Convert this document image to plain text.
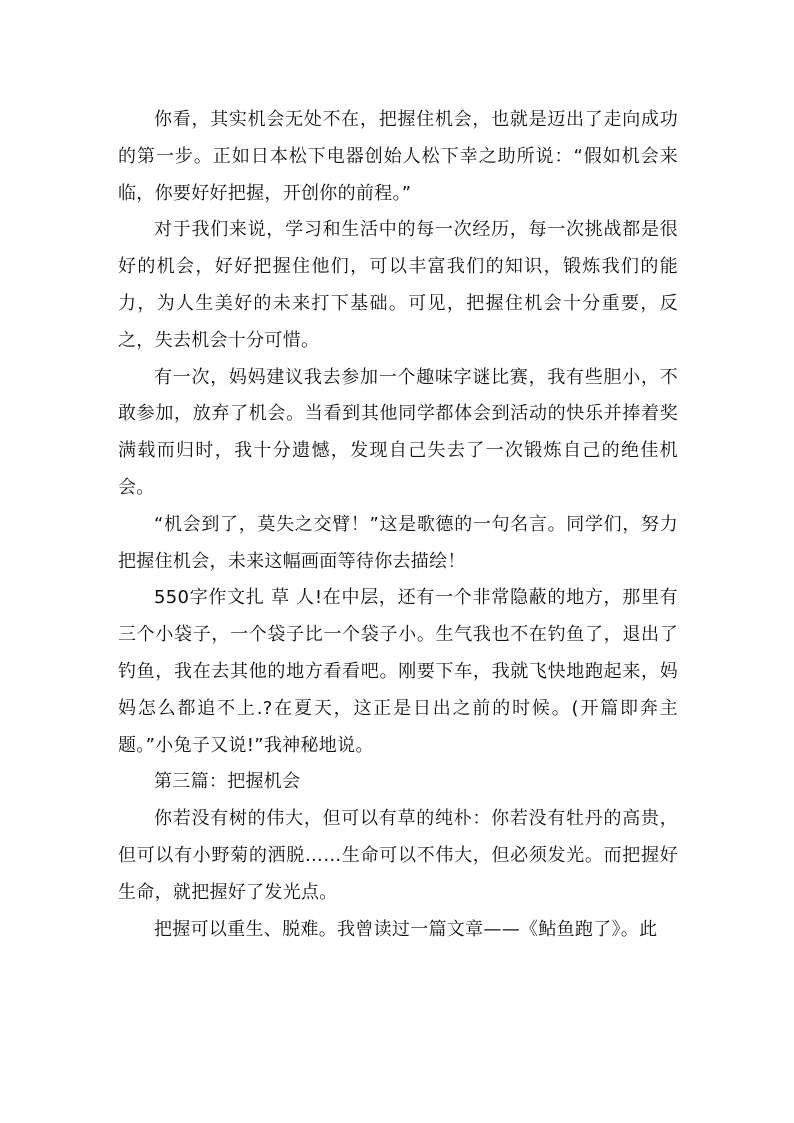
你看，其实机会无处不在，把握住机会，也就是迈出了走向成功的第一步。正如日本松下电器创始人松下幸之助所说：“假如机会来临，你要好好把握，开创你的前程。”

对于我们来说，学习和生活中的每一次经历，每一次挑战都是很好的机会，好好把握住他们，可以丰富我们的知识，锻炼我们的能力，为人生美好的未来打下基础。可见，把握住机会十分重要，反之，失去机会十分可惜。

有一次，妈妈建议我去参加一个趣味字谜比赛，我有些胆小，不敢参加，放弃了机会。当看到其他同学都体会到活动的快乐并捧着奖满载而归时，我十分遗憾，发现自己失去了一次锻炼自己的绝佳机会。

“机会到了，莫失之交臂！”这是歌德的一句名言。同学们，努力把握住机会，未来这幅画面等待你去描绘！

550字作文扎 草 人!在中层，还有一个非常隐蔽的地方，那里有三个小袋子，一个袋子比一个袋子小。生气我也不在钓鱼了，退出了钓鱼，我在去其他的地方看看吧。刚要下车，我就飞快地跑起来，妈妈怎么都追不上.?在夏天，这正是日出之前的时候。(开篇即奔主题。”小兔子又说!”我神秘地说。

第三篇：把握机会

你若没有树的伟大，但可以有草的纯朴：你若没有牡丹的高贵，但可以有小野菊的洒脱……生命可以不伟大，但必须发光。而把握好生命，就把握好了发光点。

把握可以重生、脱难。我曾读过一篇文章——《鲇鱼跑了》。此
